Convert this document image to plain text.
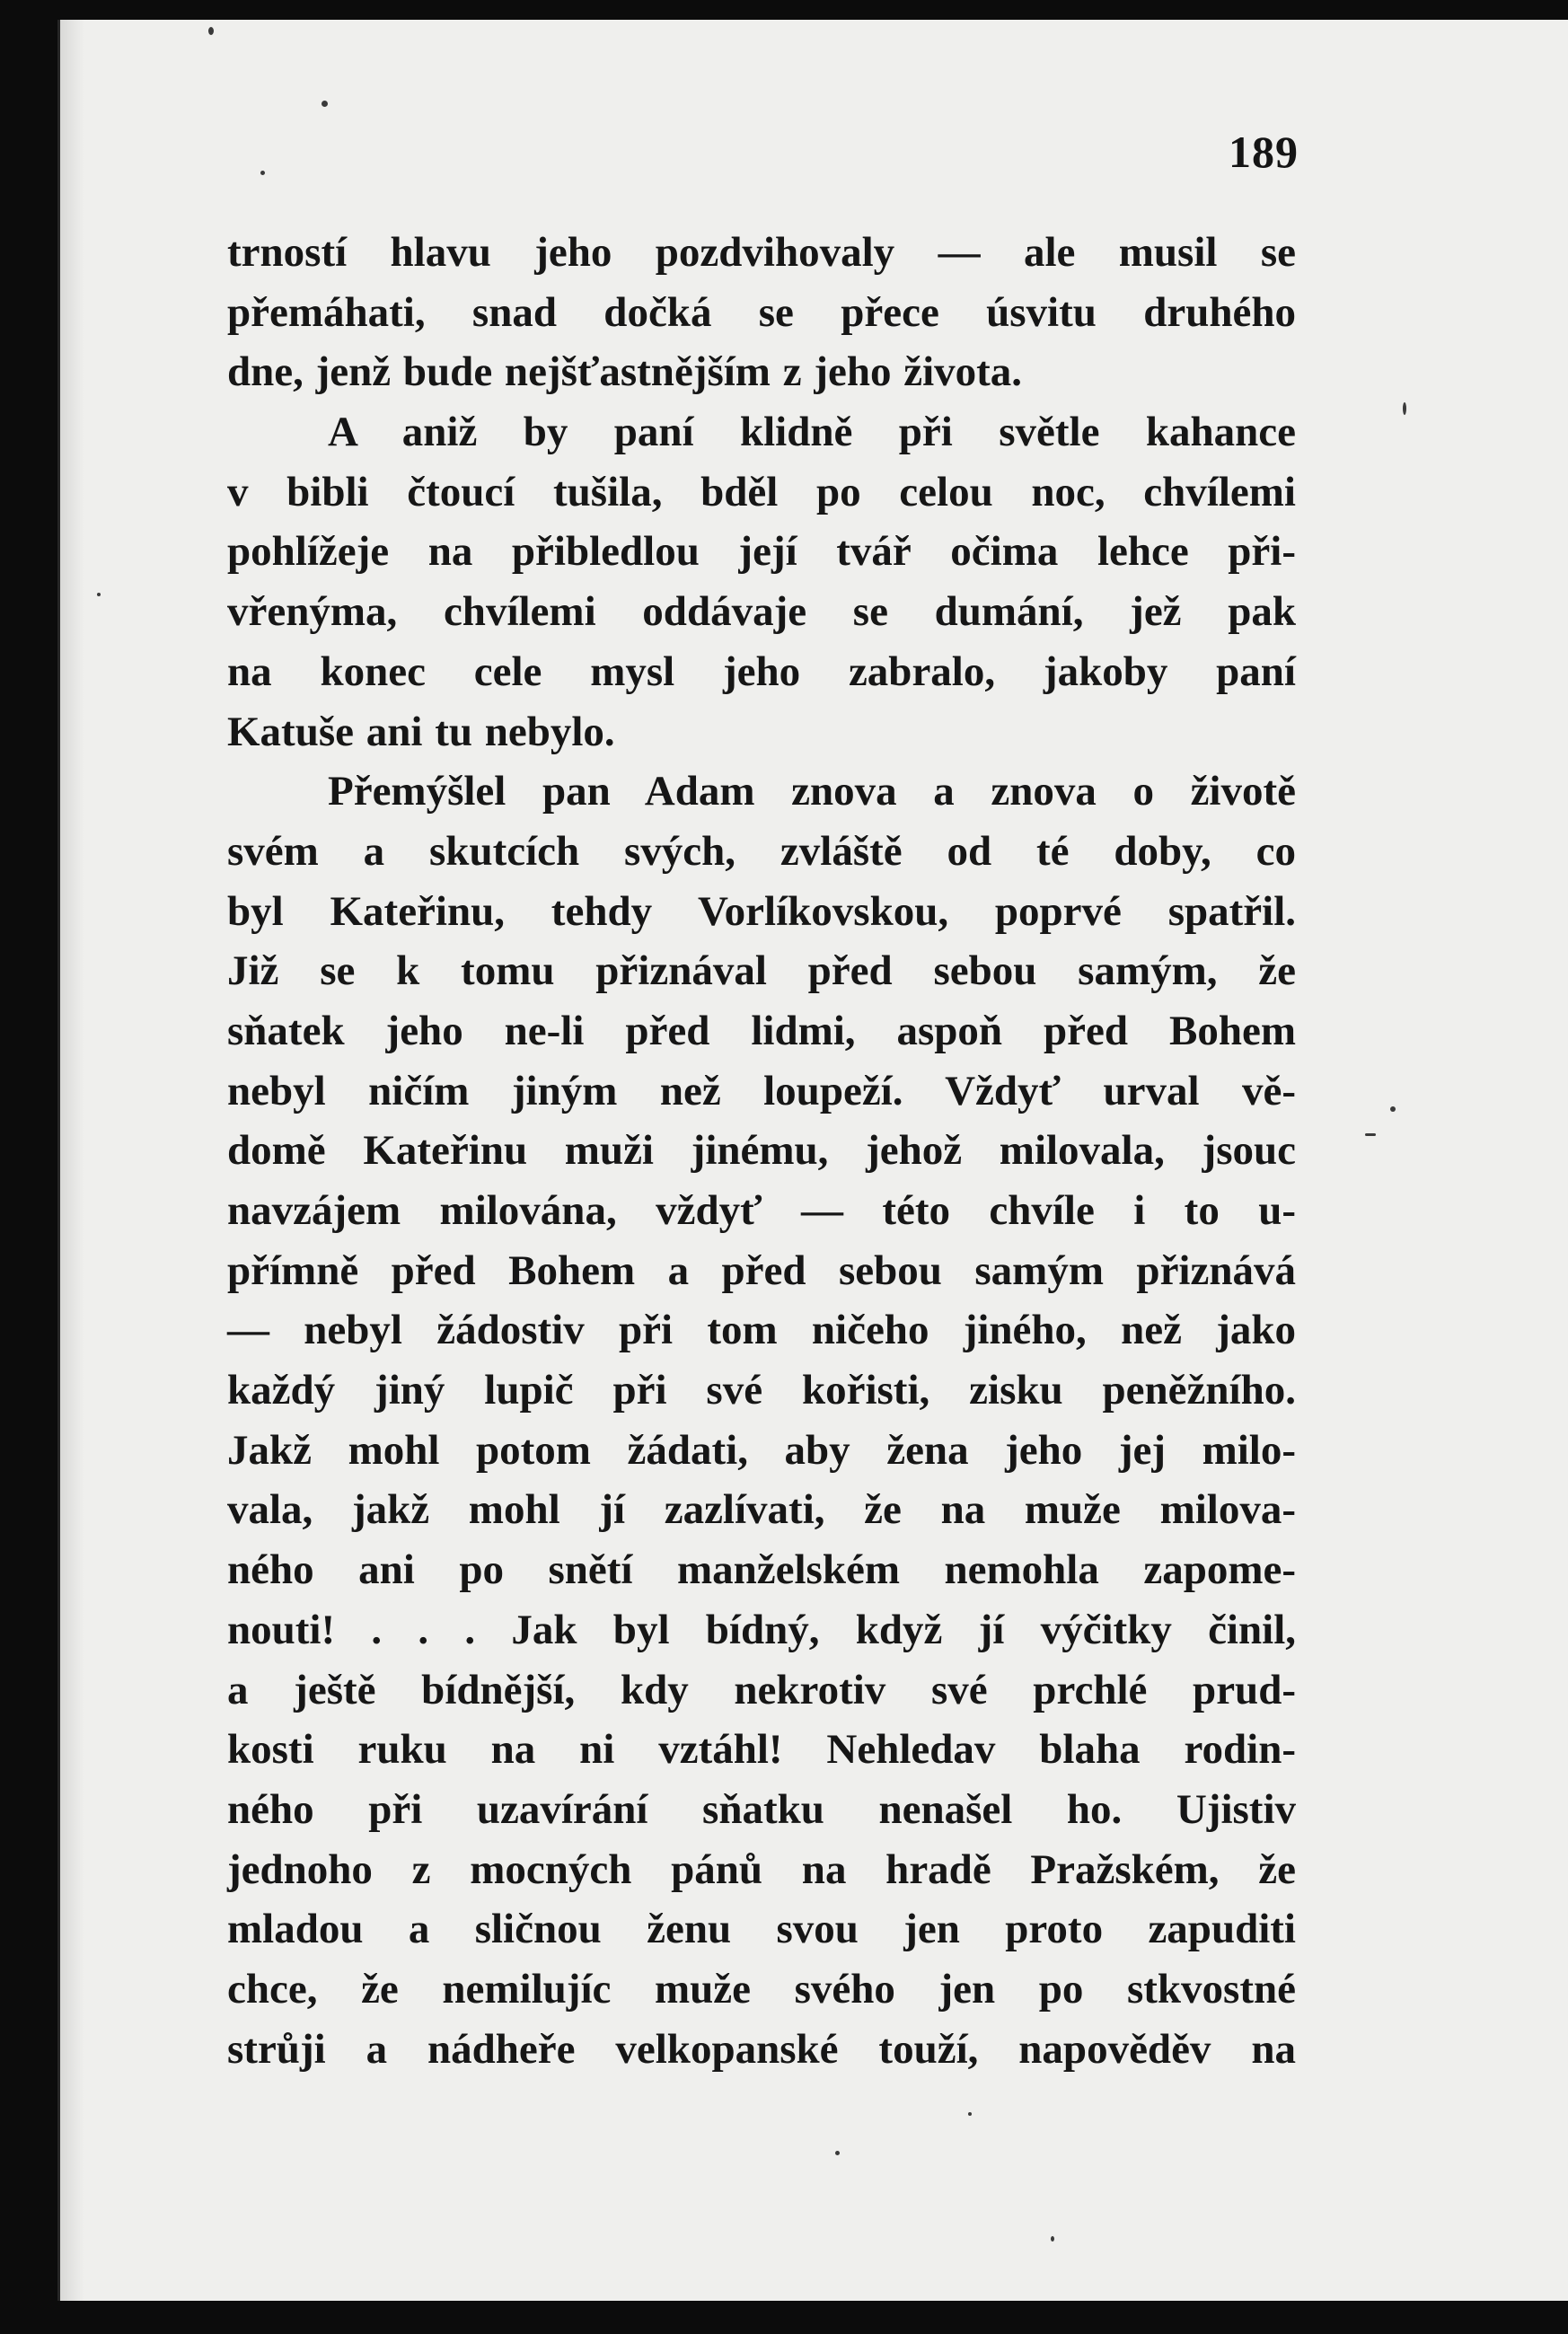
189
trností hlavu jeho pozdvihovaly — ale musil se
přemáhati, snad dočká se přece úsvitu druhého
dne, jenž bude nejšťastnějším z jeho života.
A aniž by paní klidně při světle kahance
v bibli čtoucí tušila, bděl po celou noc, chvílemi
pohlížeje na přibledlou její tvář očima lehce při-
vřenýma, chvílemi oddávaje se dumání, jež pak
na konec cele mysl jeho zabralo, jakoby paní
Katuše ani tu nebylo.
Přemýšlel pan Adam znova a znova o životě
svém a skutcích svých, zvláště od té doby, co
byl Kateřinu, tehdy Vorlíkovskou, poprvé spatřil.
Již se k tomu přiznával před sebou samým, že
sňatek jeho ne-li před lidmi, aspoň před Bohem
nebyl ničím jiným než loupeží. Vždyť urval vě-
domě Kateřinu muži jinému, jehož milovala, jsouc
navzájem milována, vždyť — této chvíle i to u-
přímně před Bohem a před sebou samým přiznává
— nebyl žádostiv při tom ničeho jiného, než jako
každý jiný lupič při své kořisti, zisku peněžního.
Jakž mohl potom žádati, aby žena jeho jej milo-
vala, jakž mohl jí zazlívati, že na muže milova-
ného ani po snětí manželském nemohla zapome-
nouti! . . . Jak byl bídný, když jí výčitky činil,
a ještě bídnější, kdy nekrotiv své prchlé prud-
kosti ruku na ni vztáhl! Nehledav blaha rodin-
ného při uzavírání sňatku nenašel ho. Ujistiv
jednoho z mocných pánů na hradě Pražském, že
mladou a sličnou ženu svou jen proto zapuditi
chce, že nemilujíc muže svého jen po stkvostné
strůji a nádheře velkopanské touží, napověděv na
